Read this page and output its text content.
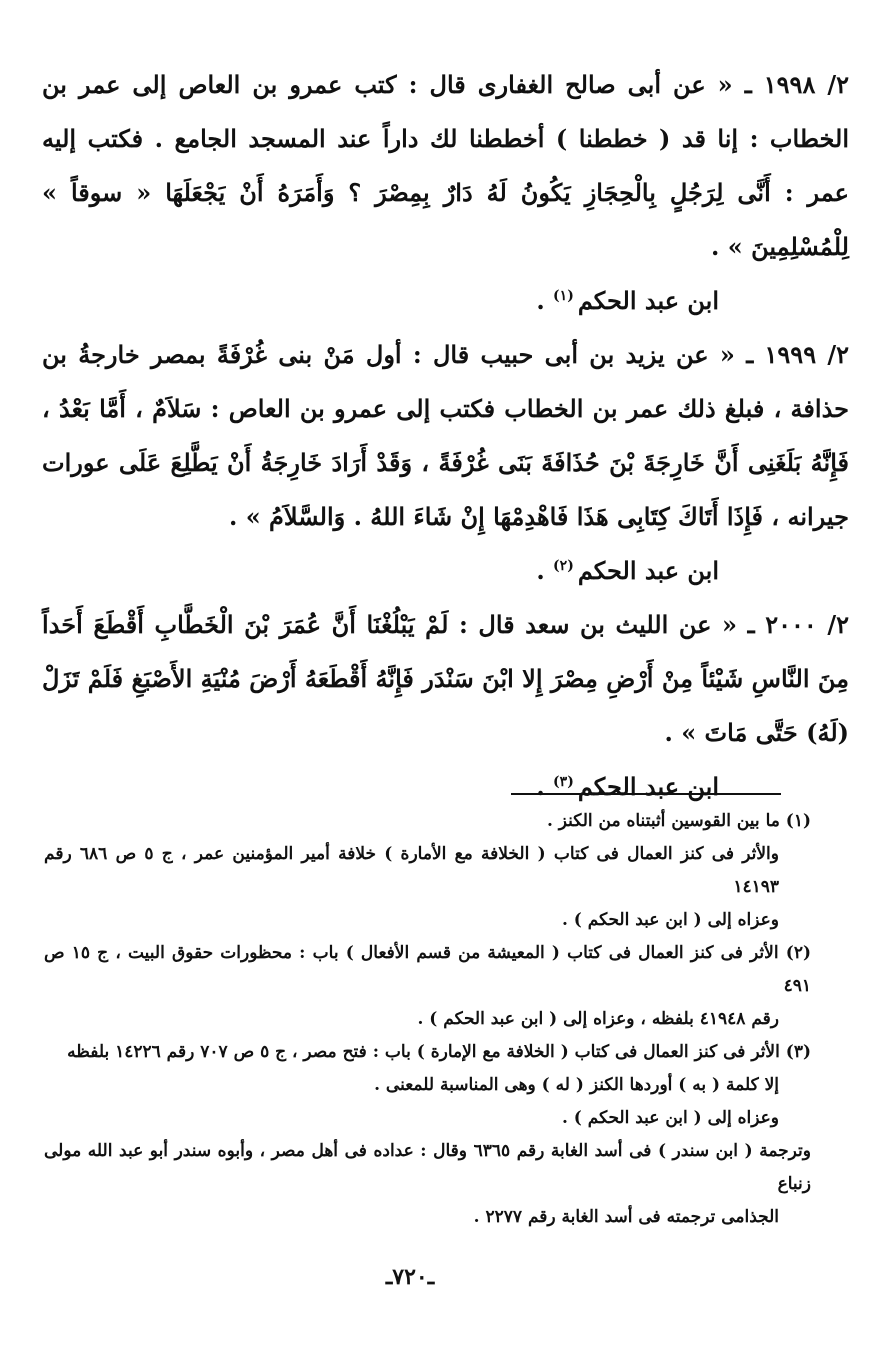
٢/ ١٩٩٨ ـ « عن أبى صالح الغفارى قال : كتب عمرو بن العاص إلى عمر بن الخطاب : إنا قد ( خططنا ) أخططنا لك داراً عند المسجد الجامع . فكتب إليه عمر : أَنَّى لِرَجُلٍ بِالْحِجَازِ يَكُونُ لَهُ دَارٌ بِمِصْرَ ؟ وَأَمَرَهُ أَنْ يَجْعَلَهَا « سوقاً » لِلْمُسْلِمِينَ » .

ابن عبد الحكم$^{(١)}$ .

٢/ ١٩٩٩ ـ « عن يزيد بن أبى حبيب قال : أول مَنْ بنى غُرْفَةً بمصر خارجةُ بن حذافة ، فبلغ ذلك عمر بن الخطاب فكتب إلى عمرو بن العاص : سَلاَمٌ ، أَمَّا بَعْدُ ، فَإِنَّهُ بَلَغَنِى أَنَّ خَارِجَةَ بْنَ حُذَافَةَ بَنَى غُرْفَةً ، وَقَدْ أَرَادَ خَارِجَةُ أَنْ يَطَّلِعَ عَلَى عورات جيرانه ، فَإِذَا أَتَاكَ كِتَابِى هَذَا فَاهْدِمْهَا إِنْ شَاءَ اللهُ . وَالسَّلاَمُ » .

ابن عبد الحكم$^{(٢)}$ .

٢/ ٢٠٠٠ ـ « عن الليث بن سعد قال : لَمْ يَبْلُغْنَا أَنَّ عُمَرَ بْنَ الْخَطَّابِ أَقْطَعَ أَحَداً مِنَ النَّاسِ شَيْئاً مِنْ أَرْضِ مِصْرَ إِلا ابْنَ سَنْدَر فَإِنَّهُ أَقْطَعَهُ أَرْضَ مُنْيَةِ الأَصْبَغِ فَلَمْ تَزَلْ (لَهُ) حَتَّى مَاتَ » .

ابن عبد الحكم$^{(٣)}$ .

(١) ما بين القوسين أثبتناه من الكنز .

والأثر فى كنز العمال فى كتاب ( الخلافة مع الأمارة ) خلافة أمير المؤمنين عمر ، ج ٥ ص ٦٨٦ رقم ١٤١٩٣

وعزاه إلى ( ابن عبد الحكم ) .

(٢) الأثر فى كنز العمال فى كتاب ( المعيشة من قسم الأفعال ) باب : محظورات حقوق البيت ، ج ١٥ ص ٤٩١

رقم ٤١٩٤٨ بلفظه ، وعزاه إلى ( ابن عبد الحكم ) .

(٣) الأثر فى كنز العمال فى كتاب ( الخلافة مع الإمارة ) باب : فتح مصر ، ج ٥ ص ٧٠٧ رقم ١٤٢٢٦ بلفظه

إلا كلمة ( به ) أوردها الكنز ( له ) وهى المناسبة للمعنى .

وعزاه إلى ( ابن عبد الحكم ) .

وترجمة ( ابن سندر ) فى أسد الغابة رقم ٦٣٦٥ وقال : عداده فى أهل مصر ، وأبوه سندر أبو عبد الله مولى زنباع

الجذامى ترجمته فى أسد الغابة رقم ٢٢٧٧ .

ـ٧٢٠ـ
